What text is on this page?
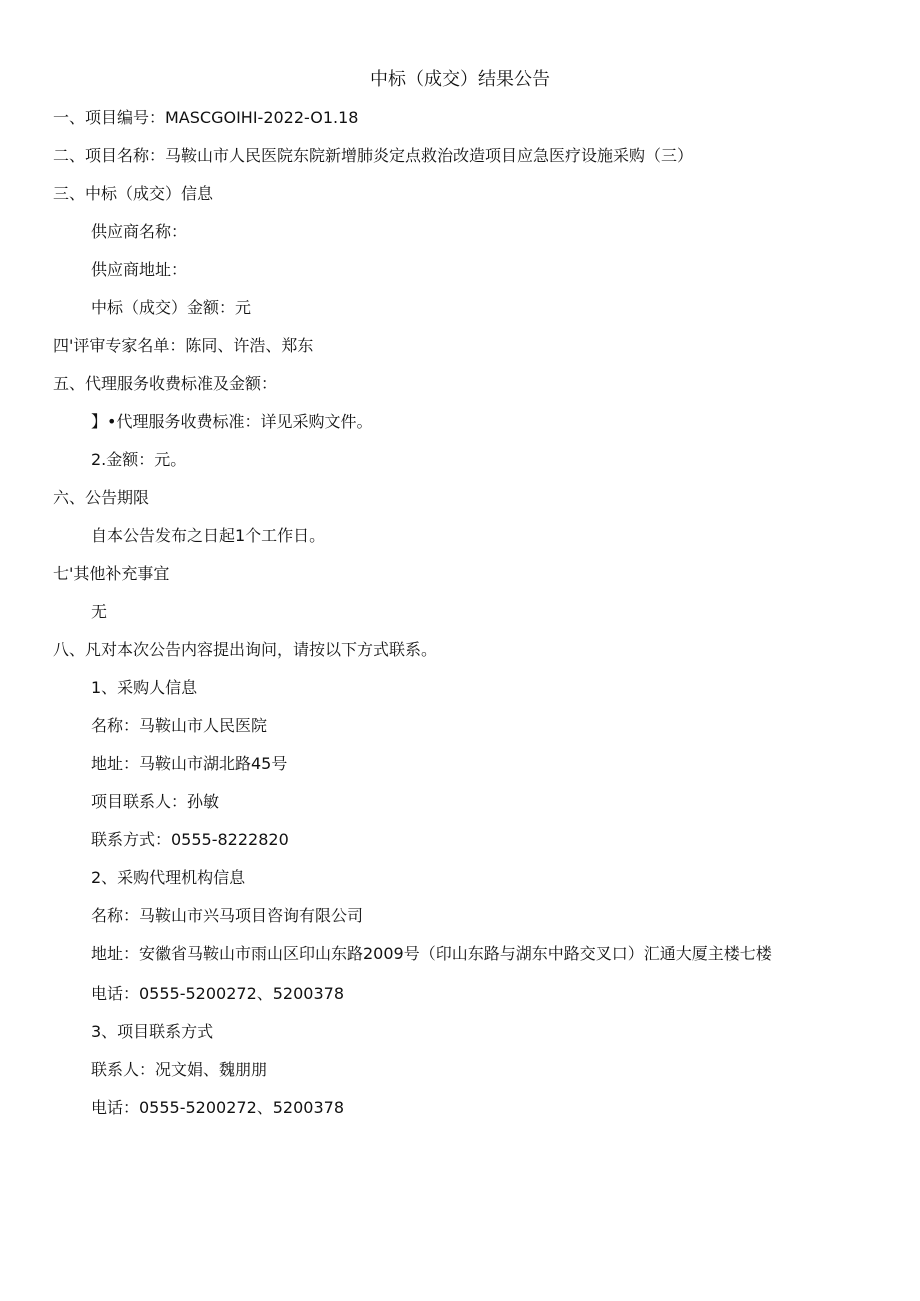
中标（成交）结果公告
一、项目编号：MASCGOIHI-2022-O1.18
二、项目名称：马鞍山市人民医院东院新增肺炎定点救治改造项目应急医疗设施采购（三）
三、中标（成交）信息
供应商名称：
供应商地址：
中标（成交）金额：元
四'评审专家名单：陈同、许浩、郑东
五、代理服务收费标准及金额：
】•代理服务收费标准：详见采购文件。
2.金额：元。
六、公告期限
自本公告发布之日起1个工作日。
七'其他补充事宜
无
八、凡对本次公告内容提出询问，请按以下方式联系。
1、采购人信息
名称：马鞍山市人民医院
地址：马鞍山市湖北路45号
项目联系人：孙敏
联系方式：0555-8222820
2、采购代理机构信息
名称：马鞍山市兴马项目咨询有限公司
地址：安徽省马鞍山市雨山区印山东路2009号（印山东路与湖东中路交叉口）汇通大厦主楼七楼
电话：0555-5200272、5200378
3、项目联系方式
联系人：况文娟、魏朋朋
电话：0555-5200272、5200378
